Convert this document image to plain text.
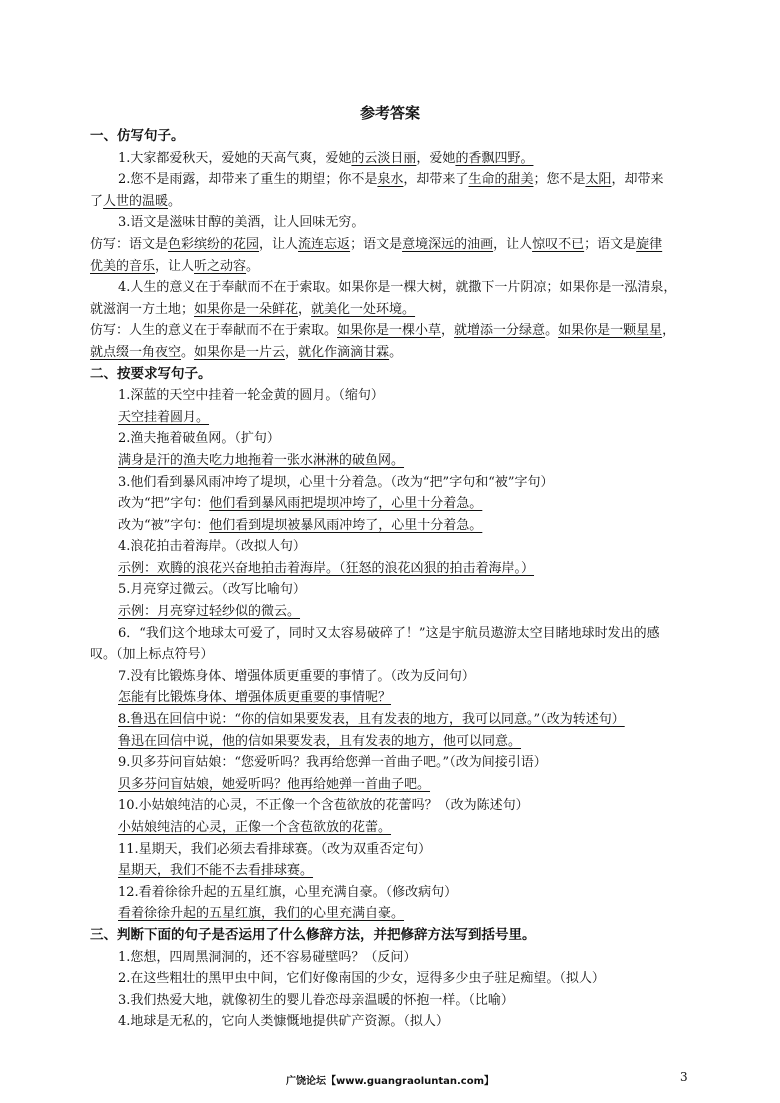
参考答案
一、仿写句子。
1.大家都爱秋天，爱她的天高气爽，爱她的云淡日丽，爱她的香飘四野。
2.您不是雨露，却带来了重生的期望；你不是泉水，却带来了生命的甜美；您不是太阳，却带来
了人世的温暖。
3.语文是滋味甘醇的美酒，让人回味无穷。
仿写：语文是色彩缤纷的花园，让人流连忘返；语文是意境深远的油画，让人惊叹不已；语文是旋律
优美的音乐，让人听之动容。
4.人生的意义在于奉献而不在于索取。如果你是一棵大树，就撒下一片阴凉；如果你是一泓清泉，
就滋润一方土地；如果你是一朵鲜花，就美化一处环境。
仿写：人生的意义在于奉献而不在于索取。如果你是一棵小草，就增添一分绿意。如果你是一颗星星，
就点缀一角夜空。如果你是一片云，就化作滴滴甘霖。
二、按要求写句子。
1.深蓝的天空中挂着一轮金黄的圆月。（缩句）
天空挂着圆月。
2.渔夫拖着破鱼网。（扩句）
满身是汗的渔夫吃力地拖着一张水淋淋的破鱼网。
3.他们看到暴风雨冲垮了堤坝，心里十分着急。（改为“把”字句和“被”字句）
改为“把”字句：他们看到暴风雨把堤坝冲垮了，心里十分着急。
改为“被”字句：他们看到堤坝被暴风雨冲垮了，心里十分着急。
4.浪花拍击着海岸。（改拟人句）
示例：欢腾的浪花兴奋地拍击着海岸。（狂怒的浪花凶狠的拍击着海岸。）
5.月亮穿过微云。（改写比喻句）
示例：月亮穿过轻纱似的微云。
6．“我们这个地球太可爱了，同时又太容易破碎了！”这是宇航员遨游太空目睹地球时发出的感
叹。（加上标点符号）
7.没有比锻炼身体、增强体质更重要的事情了。（改为反问句）
怎能有比锻炼身体、增强体质更重要的事情呢？
8.鲁迅在回信中说：“你的信如果要发表，且有发表的地方，我可以同意。”（改为转述句）
鲁迅在回信中说，他的信如果要发表，且有发表的地方，他可以同意。
9.贝多芬问盲姑娘：“您爱听吗？我再给您弹一首曲子吧。”（改为间接引语）
贝多芬问盲姑娘，她爱听吗？他再给她弹一首曲子吧。
10.小姑娘纯洁的心灵，不正像一个含苞欲放的花蕾吗？（改为陈述句）
小姑娘纯洁的心灵，正像一个含苞欲放的花蕾。
11.星期天，我们必须去看排球赛。（改为双重否定句）
星期天，我们不能不去看排球赛。
12.看着徐徐升起的五星红旗，心里充满自豪。（修改病句）
看着徐徐升起的五星红旗，我们的心里充满自豪。
三、判断下面的句子是否运用了什么修辞方法，并把修辞方法写到括号里。
1.您想，四周黑洞洞的，还不容易碰壁吗？（反问）
2.在这些粗壮的黑甲虫中间，它们好像南国的少女，逗得多少虫子驻足痴望。（拟人）
3.我们热爱大地，就像初生的婴儿眷恋母亲温暖的怀抱一样。（比喻）
4.地球是无私的，它向人类慷慨地提供矿产资源。（拟人）
广饶论坛【www.guangraoluntan.com】	3
